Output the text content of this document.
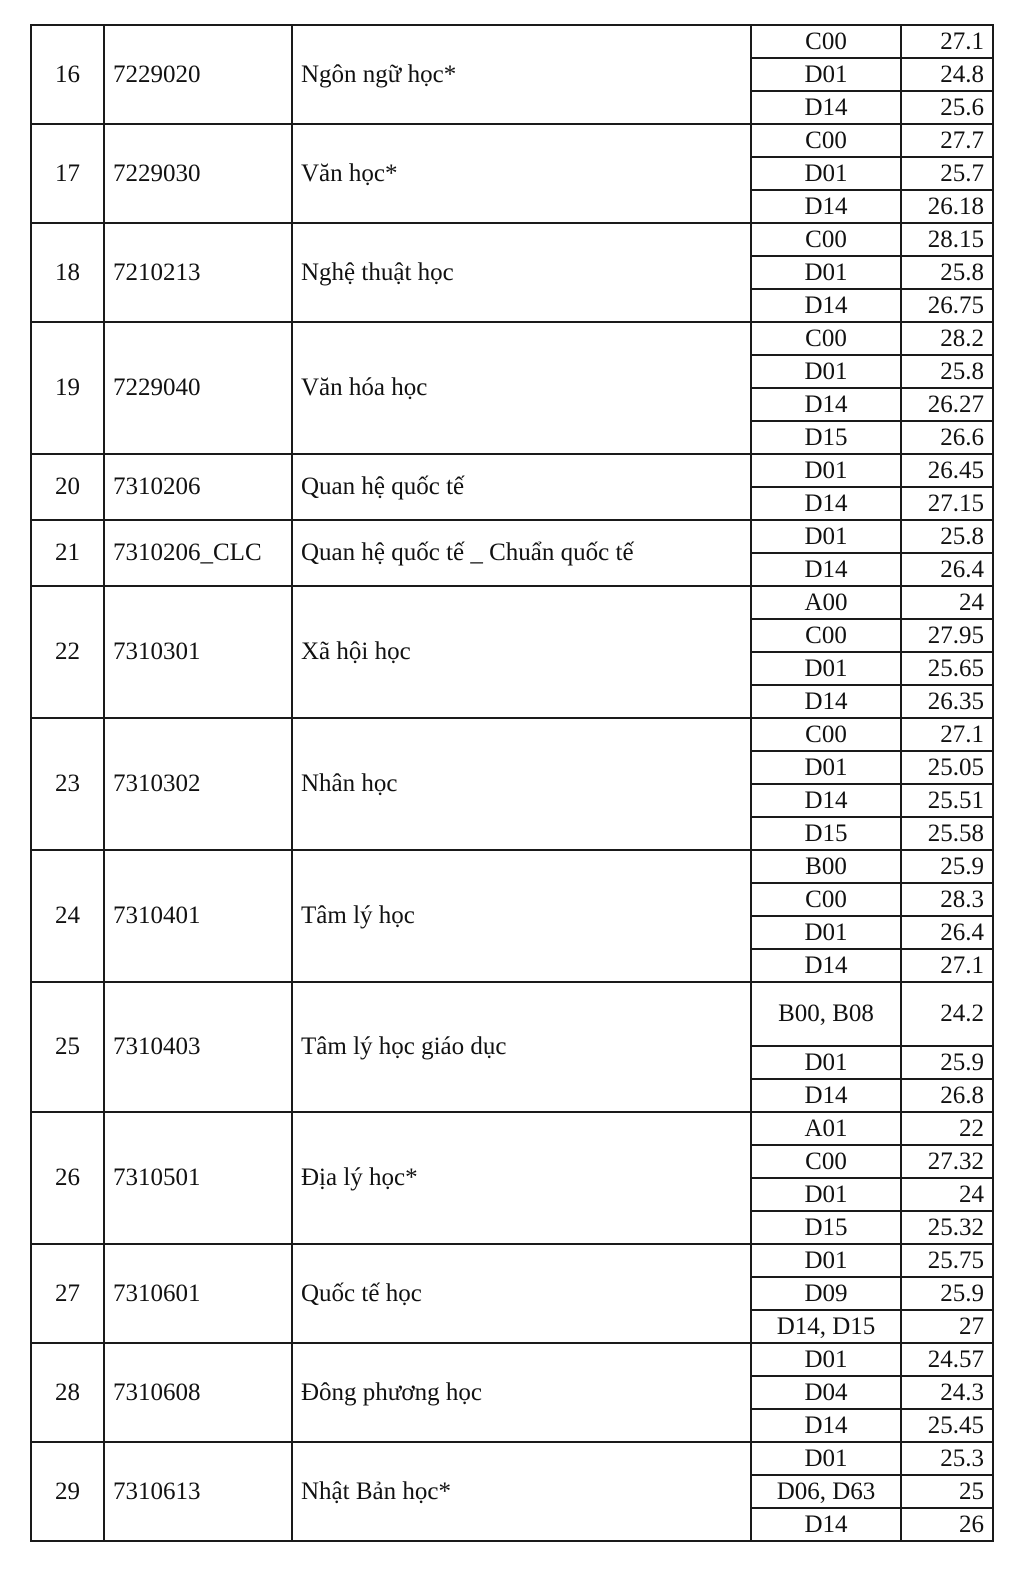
16	7229020	Ngôn ngữ học*	C00	27.1
			D01	24.8
			D14	25.6
17	7229030	Văn học*	C00	27.7
			D01	25.7
			D14	26.18
18	7210213	Nghệ thuật học	C00	28.15
			D01	25.8
			D14	26.75
19	7229040	Văn hóa học	C00	28.2
			D01	25.8
			D14	26.27
			D15	26.6
20	7310206	Quan hệ quốc tế	D01	26.45
			D14	27.15
21	7310206_CLC	Quan hệ quốc tế _ Chuẩn quốc tế	D01	25.8
			D14	26.4
22	7310301	Xã hội học	A00	24
			C00	27.95
			D01	25.65
			D14	26.35
23	7310302	Nhân học	C00	27.1
			D01	25.05
			D14	25.51
			D15	25.58
24	7310401	Tâm lý học	B00	25.9
			C00	28.3
			D01	26.4
			D14	27.1
25	7310403	Tâm lý học giáo dục	B00, B08	24.2
			D01	25.9
			D14	26.8
26	7310501	Địa lý học*	A01	22
			C00	27.32
			D01	24
			D15	25.32
27	7310601	Quốc tế học	D01	25.75
			D09	25.9
			D14, D15	27
28	7310608	Đông phương học	D01	24.57
			D04	24.3
			D14	25.45
29	7310613	Nhật Bản học*	D01	25.3
			D06, D63	25
			D14	26
